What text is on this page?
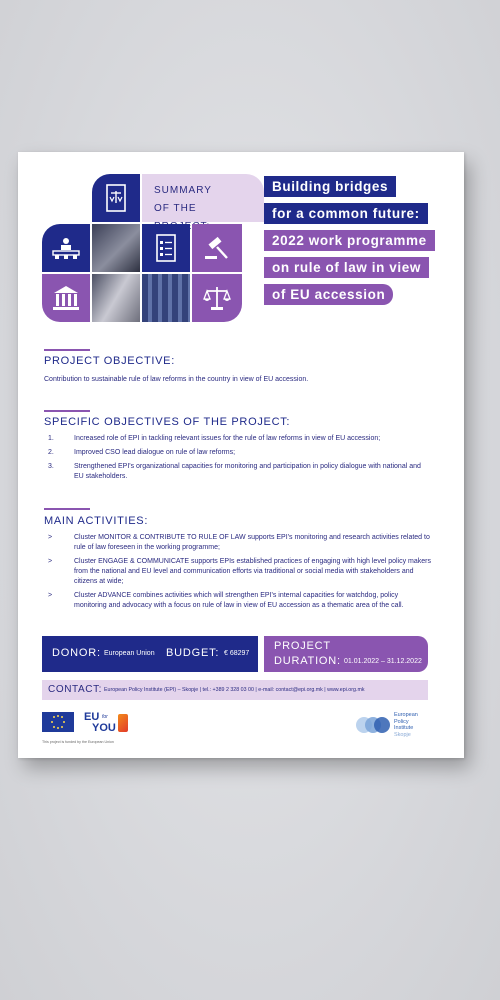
SUMMARY
OF THE
Building bridges
for a common future:
2022 work programme
on rule of law in view
of EU accession
PROJECT OBJECTIVE:
Contribution to sustainable rule of law reforms in the country in view of EU accession.
SPECIFIC OBJECTIVES OF THE PROJECT:
1.	Increased role of EPI in tackling relevant issues for the rule of law reforms in view of EU accession;
2.	Improved CSO lead dialogue on rule of law reforms;
3.	Strengthened EPI's organizational capacities for monitoring and participation in policy dialogue with national and EU stakeholders.
MAIN ACTIVITIES:
>	Cluster MONITOR & CONTRIBUTE TO RULE OF LAW supports EPI's monitoring and research activities related to rule of law foreseen in the working programme;
>	Cluster ENGAGE & COMMUNICATE supports EPIs established practices of engaging with high level policy makers from the national and EU level and communication efforts via traditional or social media with stakeholders and citizens at wide;
>	Cluster ADVANCE combines activities which will strengthen EPI's internal capacities for watchdog, policy monitoring and advocacy with a focus on rule of law in view of EU accession as a thematic area of the call.
DONOR: European Union BUDGET: € 68297
PROJECT
DURATION: 01.01.2022 – 31.12.2022
CONTACT: European Policy Institute (EPI) – Skopje | tel.: +389 2 328 03 00 | e-mail: contact@epi.org.mk | www.epi.org.mk
EU for
YOU
This project is funded by the European Union
European
Policy
Institute
Skopje
